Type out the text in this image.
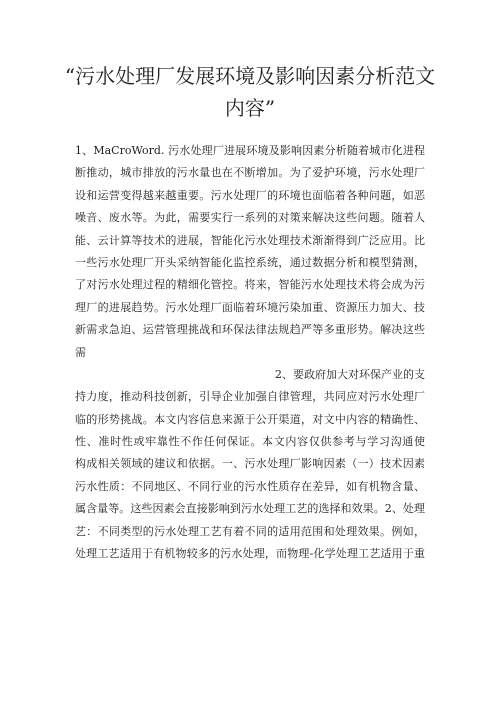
“污水处理厂发展环境及影响因素分析范文
内容”
1、MaCroWord. 污水处理厂进展环境及影响因素分析随着城市化进程
断推动，城市排放的污水量也在不断增加。为了爱护环境，污水处理厂
设和运营变得越来越重要。污水处理厂的环境也面临着各种问题，如恶
噪音、废水等。为此，需要实行一系列的对策来解决这些问题。随着人
能、云计算等技术的进展，智能化污水处理技术渐渐得到广泛应用。比
一些污水处理厂开头采纳智能化监控系统，通过数据分析和模型猜测，
了对污水处理过程的精细化管控。将来，智能污水处理技术将会成为污
理厂的进展趋势。污水处理厂面临着环境污染加重、资源压力加大、技
新需求急迫、运营管理挑战和环保法律法规趋严等多重形势。解决这些
需
2、要政府加大对环保产业的支
持力度，推动科技创新，引导企业加强自律管理，共同应对污水处理厂
临的形势挑战。本文内容信息来源于公开渠道，对文中内容的精确性、
性、准时性或牢靠性不作任何保证。本文内容仅供参考与学习沟通使
构成相关领域的建议和依据。一、污水处理厂影响因素（一）技术因素
污水性质：不同地区、不同行业的污水性质存在差异，如有机物含量、
属含量等。这些因素会直接影响到污水处理工艺的选择和效果。2、处理
艺：不同类型的污水处理工艺有着不同的适用范围和处理效果。例如，
处理工艺适用于有机物较多的污水处理，而物理-化学处理工艺适用于重
